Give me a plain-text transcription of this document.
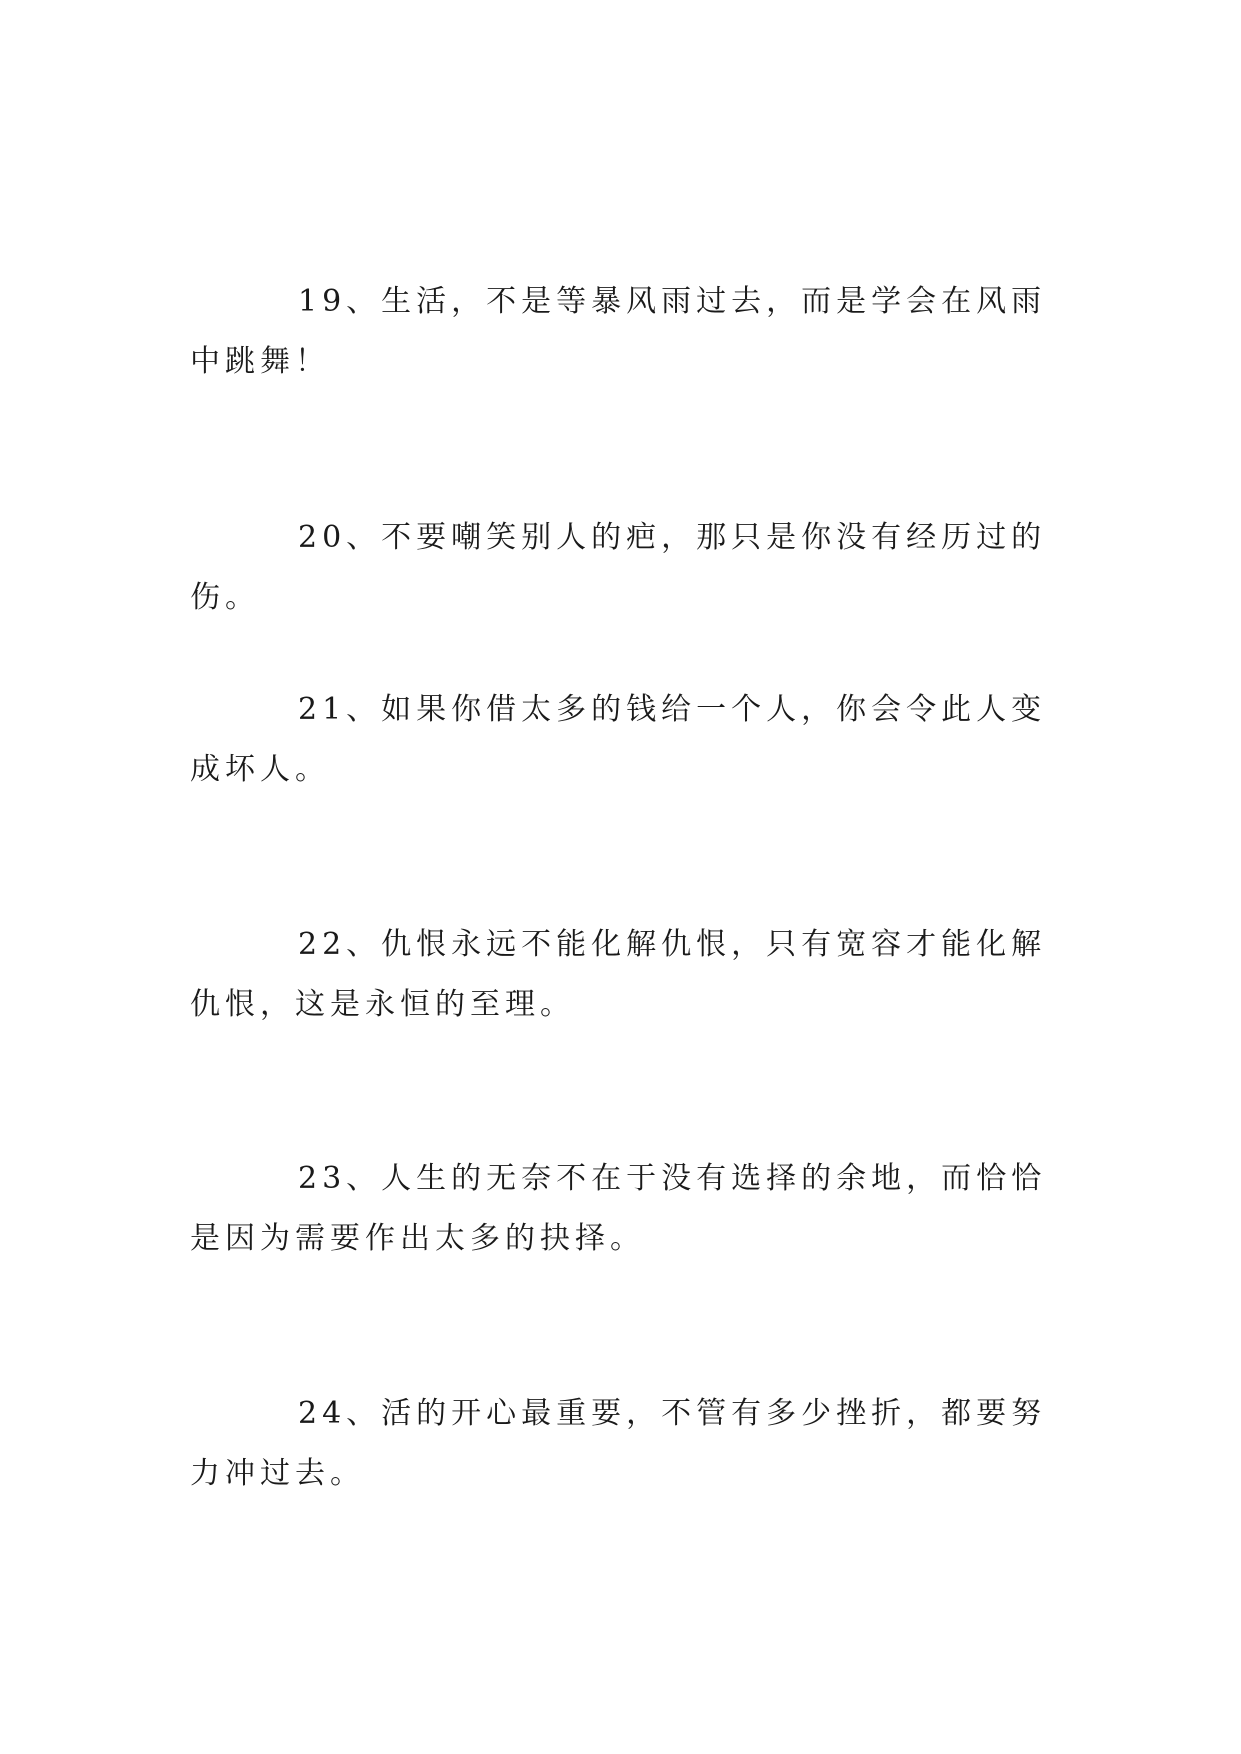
19、生活，不是等暴风雨过去，而是学会在风雨中跳舞！

20、不要嘲笑别人的疤，那只是你没有经历过的伤。

21、如果你借太多的钱给一个人，你会令此人变成坏人。

22、仇恨永远不能化解仇恨，只有宽容才能化解仇恨，这是永恒的至理。

23、人生的无奈不在于没有选择的余地，而恰恰是因为需要作出太多的抉择。

24、活的开心最重要，不管有多少挫折，都要努力冲过去。
